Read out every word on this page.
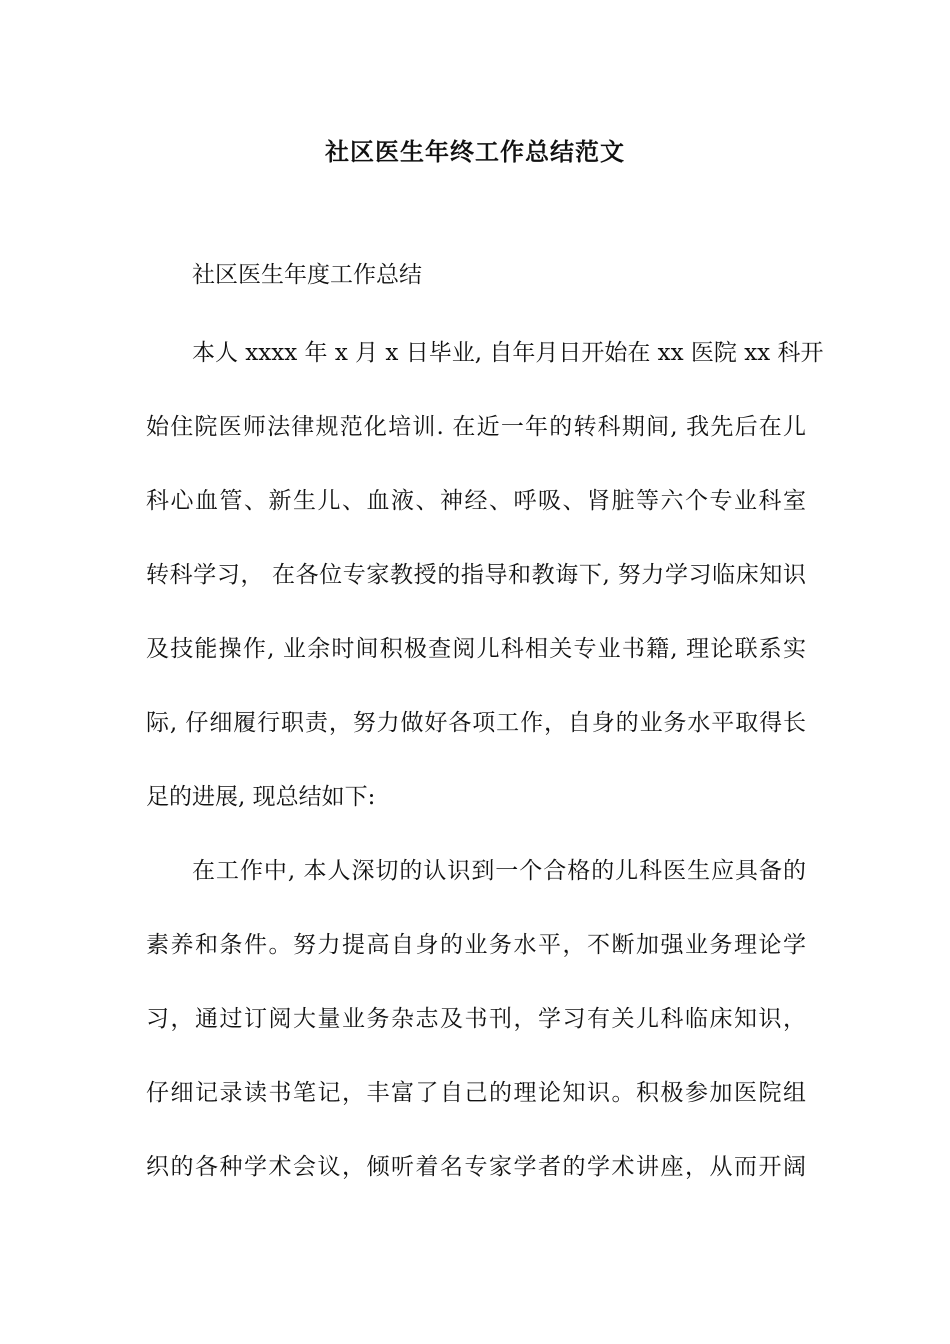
社区医生年终工作总结范文
社区医生年度工作总结
本人 xxxx 年 x 月 x 日毕业, 自年月日开始在 xx 医院 xx 科开
始住院医师法律规范化培训. 在近一年的转科期间, 我先后在儿
科心血管、新生儿、血液、神经、呼吸、肾脏等六个专业科室
转科学习， 在各位专家教授的指导和教诲下, 努力学习临床知识
及技能操作, 业余时间积极查阅儿科相关专业书籍, 理论联系实
际, 仔细履行职责，努力做好各项工作，自身的业务水平取得长
足的进展, 现总结如下:
在工作中, 本人深切的认识到一个合格的儿科医生应具备的
素养和条件。努力提高自身的业务水平，不断加强业务理论学
习，通过订阅大量业务杂志及书刊，学习有关儿科临床知识，
仔细记录读书笔记，丰富了自己的理论知识。积极参加医院组
织的各种学术会议，倾听着名专家学者的学术讲座，从而开阔
